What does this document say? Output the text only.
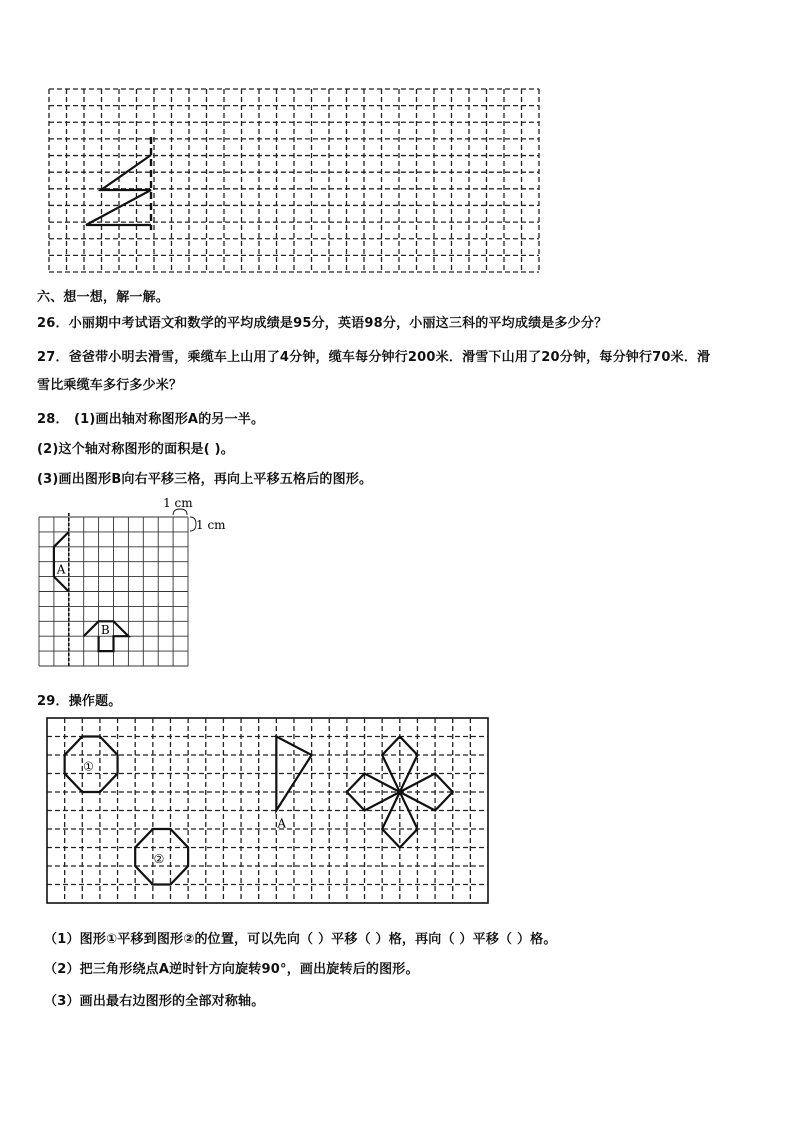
六、想一想，解一解。
26．小丽期中考试语文和数学的平均成绩是95分，英语98分，小丽这三科的平均成绩是多少分？
27．爸爸带小明去滑雪，乘缆车上山用了4分钟，缆车每分钟行200米．滑雪下山用了20分钟，每分钟行70米．滑
雪比乘缆车多行多少米？
28． (1)画出轴对称图形A的另一半。
(2)这个轴对称图形的面积是( )。
(3)画出图形B向右平移三格，再向上平移五格后的图形。
A
B
1 cm
1 cm
29．操作题。
①
②
A
（1）图形①平移到图形②的位置，可以先向（ ）平移（ ）格，再向（ ）平移（ ）格。
（2）把三角形绕点A逆时针方向旋转90°，画出旋转后的图形。
（3）画出最右边图形的全部对称轴。
